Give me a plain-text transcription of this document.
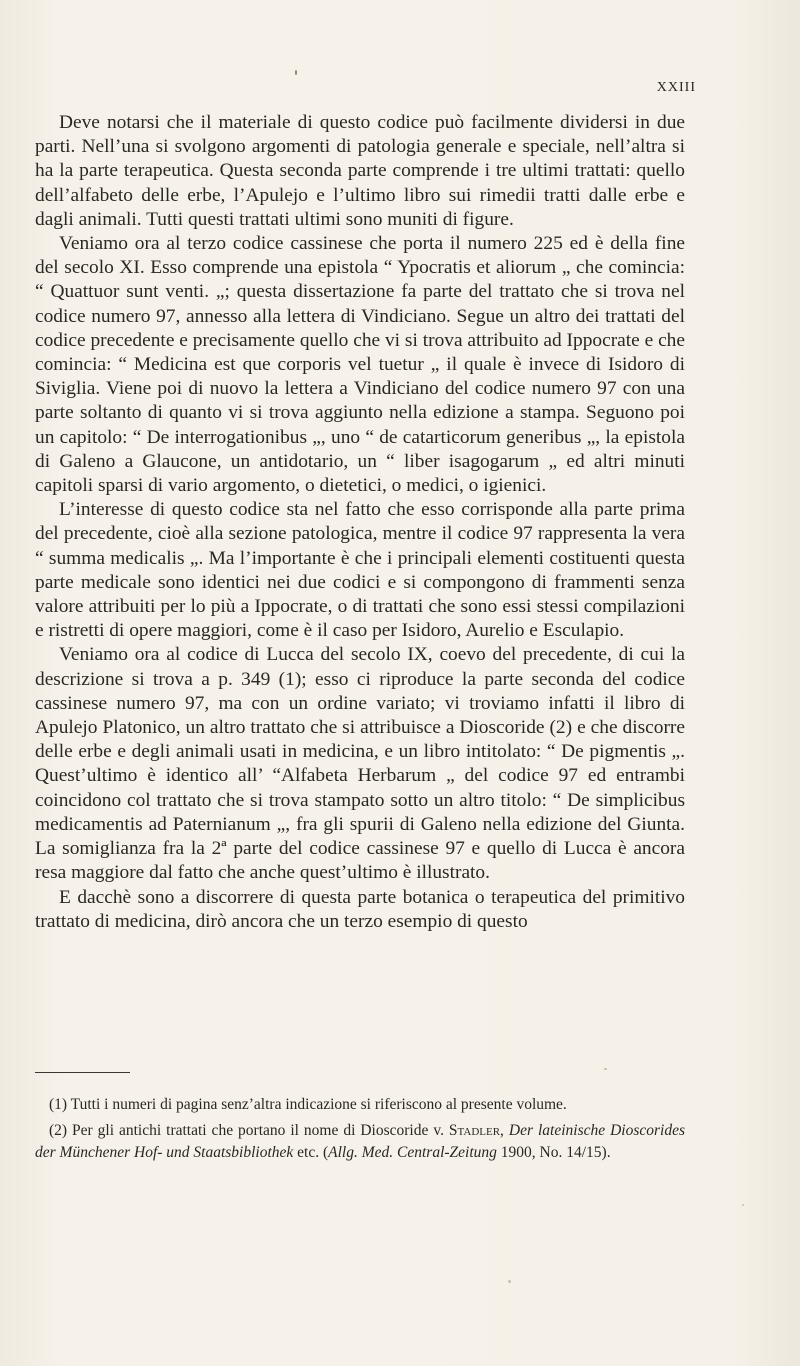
XXIII

Deve notarsi che il materiale di questo codice può facilmente dividersi in due parti. Nell’una si svolgono argomenti di patologia generale e speciale, nell’altra si ha la parte terapeutica. Questa seconda parte comprende i tre ultimi trattati: quello dell’alfabeto delle erbe, l’Apulejo e l’ultimo libro sui rimedii tratti dalle erbe e dagli animali. Tutti questi trattati ultimi sono muniti di figure.

Veniamo ora al terzo codice cassinese che porta il numero 225 ed è della fine del secolo XI. Esso comprende una epistola “ Ypocratis et aliorum „ che comincia: “ Quattuor sunt venti. „; questa dissertazione fa parte del trattato che si trova nel codice numero 97, annesso alla lettera di Vindiciano. Segue un altro dei trattati del codice precedente e precisamente quello che vi si trova attribuito ad Ippocrate e che comincia: “ Medicina est que corporis vel tuetur „ il quale è invece di Isidoro di Siviglia. Viene poi di nuovo la lettera a Vindiciano del codice numero 97 con una parte soltanto di quanto vi si trova aggiunto nella edizione a stampa. Seguono poi un capitolo: “ De interrogationibus „, uno “ de catarticorum generibus „, la epistola di Galeno a Glaucone, un antidotario, un “ liber isagogarum „ ed altri minuti capitoli sparsi di vario argomento, o dietetici, o medici, o igienici.

L’interesse di questo codice sta nel fatto che esso corrisponde alla parte prima del precedente, cioè alla sezione patologica, mentre il codice 97 rappresenta la vera “ summa medicalis „. Ma l’importante è che i principali elementi costituenti questa parte medicale sono identici nei due codici e si compongono di frammenti senza valore attribuiti per lo più a Ippocrate, o di trattati che sono essi stessi compilazioni e ristretti di opere maggiori, come è il caso per Isidoro, Aurelio e Esculapio.

Veniamo ora al codice di Lucca del secolo IX, coevo del precedente, di cui la descrizione si trova a p. 349 (1); esso ci riproduce la parte seconda del codice cassinese numero 97, ma con un ordine variato; vi troviamo infatti il libro di Apulejo Platonico, un altro trattato che si attribuisce a Dioscoride (2) e che discorre delle erbe e degli animali usati in medicina, e un libro intitolato: “ De pigmentis „. Quest’ultimo è identico all’ “Alfabeta Herbarum „ del codice 97 ed entrambi coincidono col trattato che si trova stampato sotto un altro titolo: “ De simplicibus medicamentis ad Paternianum „, fra gli spurii di Galeno nella edizione del Giunta. La somiglianza fra la 2ª parte del codice cassinese 97 e quello di Lucca è ancora resa maggiore dal fatto che anche quest’ultimo è illustrato.

E dacchè sono a discorrere di questa parte botanica o terapeutica del primitivo trattato di medicina, dirò ancora che un terzo esempio di questo

(1) Tutti i numeri di pagina senz’altra indicazione si riferiscono al presente volume.

(2) Per gli antichi trattati che portano il nome di Dioscoride v. Stadler, Der lateinische Dioscorides der Münchener Hof- und Staatsbibliothek etc. (Allg. Med. Central-Zeitung 1900, No. 14/15).
